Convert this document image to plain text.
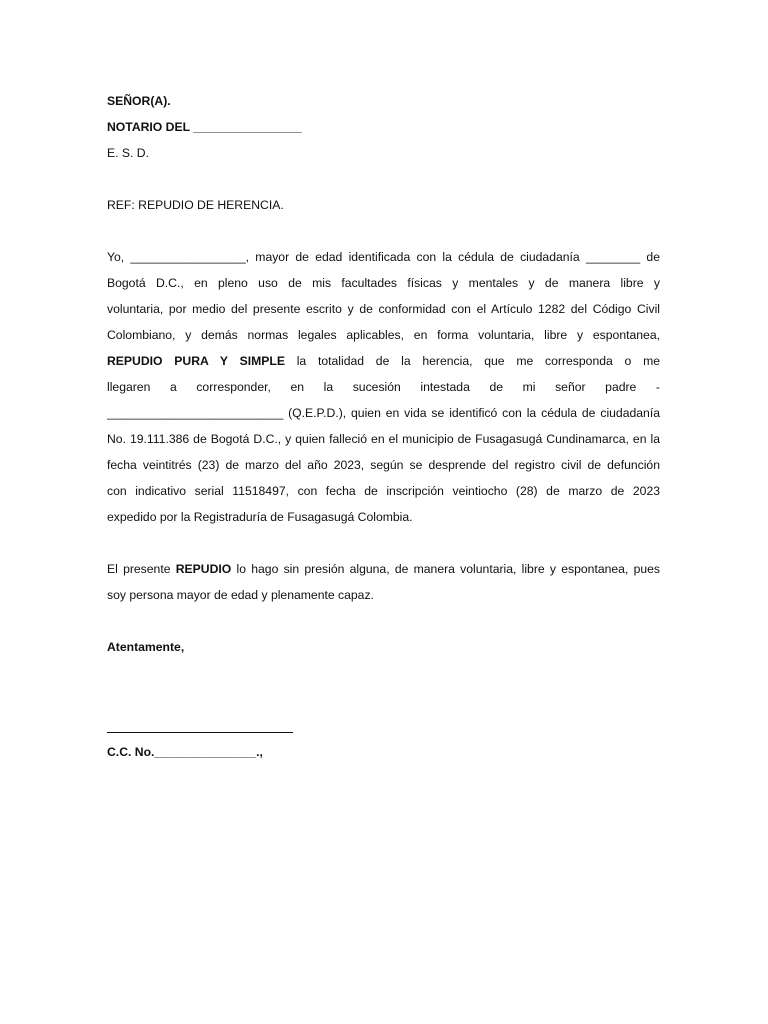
SEÑOR(A).
NOTARIO DEL ________________
E. S. D.
REF: REPUDIO DE HERENCIA.
Yo, _________________, mayor de edad identificada con la cédula de ciudadanía ________ de
Bogotá D.C., en pleno uso de mis facultades físicas y mentales y de manera libre y
voluntaria, por medio del presente escrito y de conformidad con el Artículo 1282 del Código Civil
Colombiano, y demás normas legales aplicables, en forma voluntaria, libre y espontanea,
REPUDIO PURA Y SIMPLE la totalidad de la herencia, que me corresponda o me
llegaren a corresponder, en la sucesión intestada de mi señor padre -
__________________________ (Q.E.P.D.), quien en vida se identificó con la cédula de ciudadanía
No. 19.111.386 de Bogotá D.C., y quien falleció en el municipio de Fusagasugá Cundinamarca, en la
fecha veintitrés (23) de marzo del año 2023, según se desprende del registro civil de defunción
con indicativo serial 11518497, con fecha de inscripción veintiocho (28) de marzo de 2023
expedido por la Registraduría de Fusagasugá Colombia.
El presente REPUDIO lo hago sin presión alguna, de manera voluntaria, libre y espontanea, pues
soy persona mayor de edad y plenamente capaz.
Atentamente,
C.C. No._______________.,
